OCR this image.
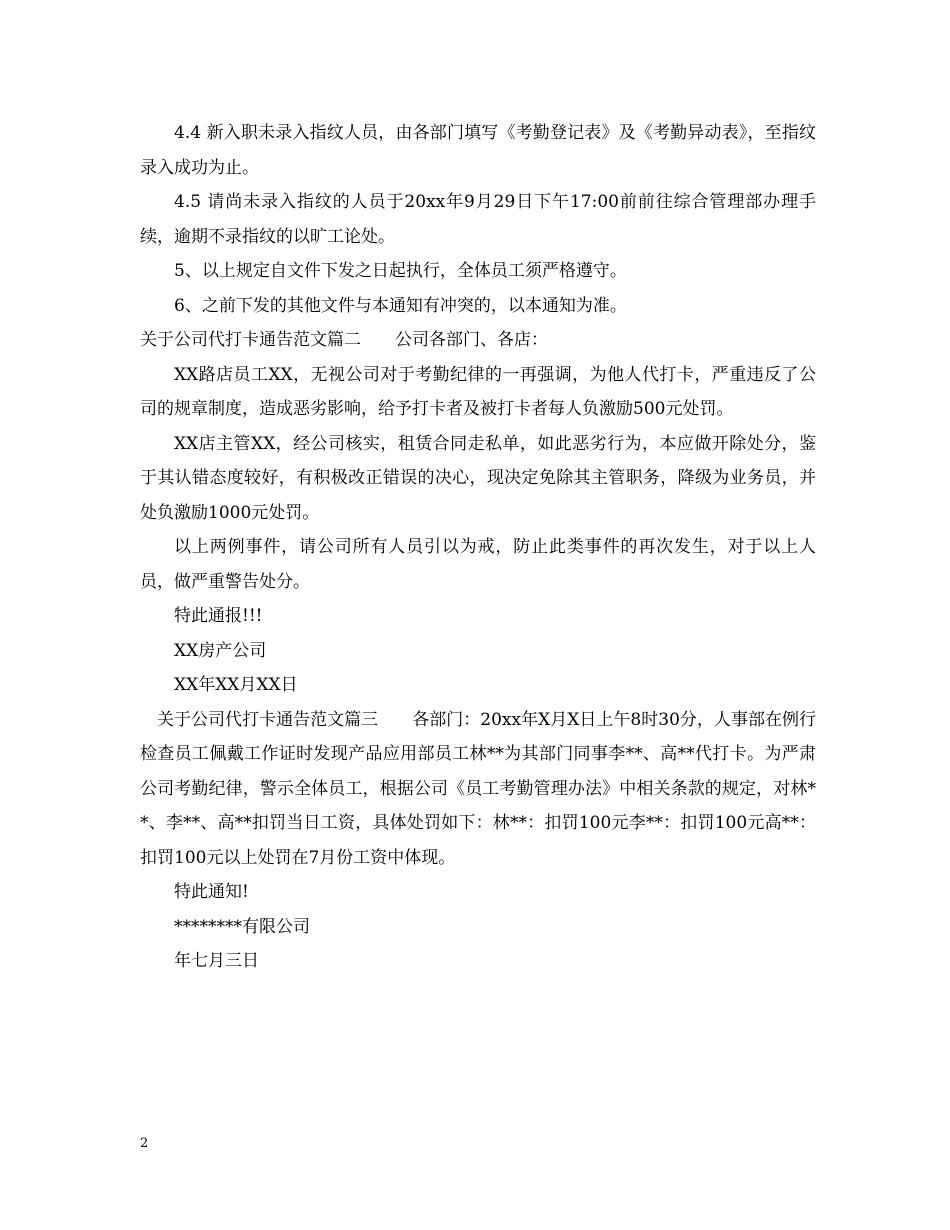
4.4 新入职未录入指纹人员，由各部门填写《考勤登记表》及《考勤异动表》，至指纹录入成功为止。

4.5 请尚未录入指纹的人员于20xx年9月29日下午17:00前前往综合管理部办理手续，逾期不录指纹的以旷工论处。

5、以上规定自文件下发之日起执行，全体员工须严格遵守。

6、之前下发的其他文件与本通知有冲突的，以本通知为准。

关于公司代打卡通告范文篇二 公司各部门、各店：

XX路店员工XX，无视公司对于考勤纪律的一再强调，为他人代打卡，严重违反了公司的规章制度，造成恶劣影响，给予打卡者及被打卡者每人负激励500元处罚。

XX店主管XX，经公司核实，租赁合同走私单，如此恶劣行为，本应做开除处分，鉴于其认错态度较好，有积极改正错误的决心，现决定免除其主管职务，降级为业务员，并处负激励1000元处罚。

以上两例事件，请公司所有人员引以为戒，防止此类事件的再次发生，对于以上人员，做严重警告处分。

特此通报!!!

XX房产公司

XX年XX月XX日

关于公司代打卡通告范文篇三 各部门：20xx年X月X日上午8时30分，人事部在例行检查员工佩戴工作证时发现产品应用部员工林**为其部门同事李**、高**代打卡。为严肃公司考勤纪律，警示全体员工，根据公司《员工考勤管理办法》中相关条款的规定，对林**、李**、高**扣罚当日工资，具体处罚如下：林**：扣罚100元李**：扣罚100元高**：扣罚100元以上处罚在7月份工资中体现。

特此通知!

********有限公司

年七月三日

2
